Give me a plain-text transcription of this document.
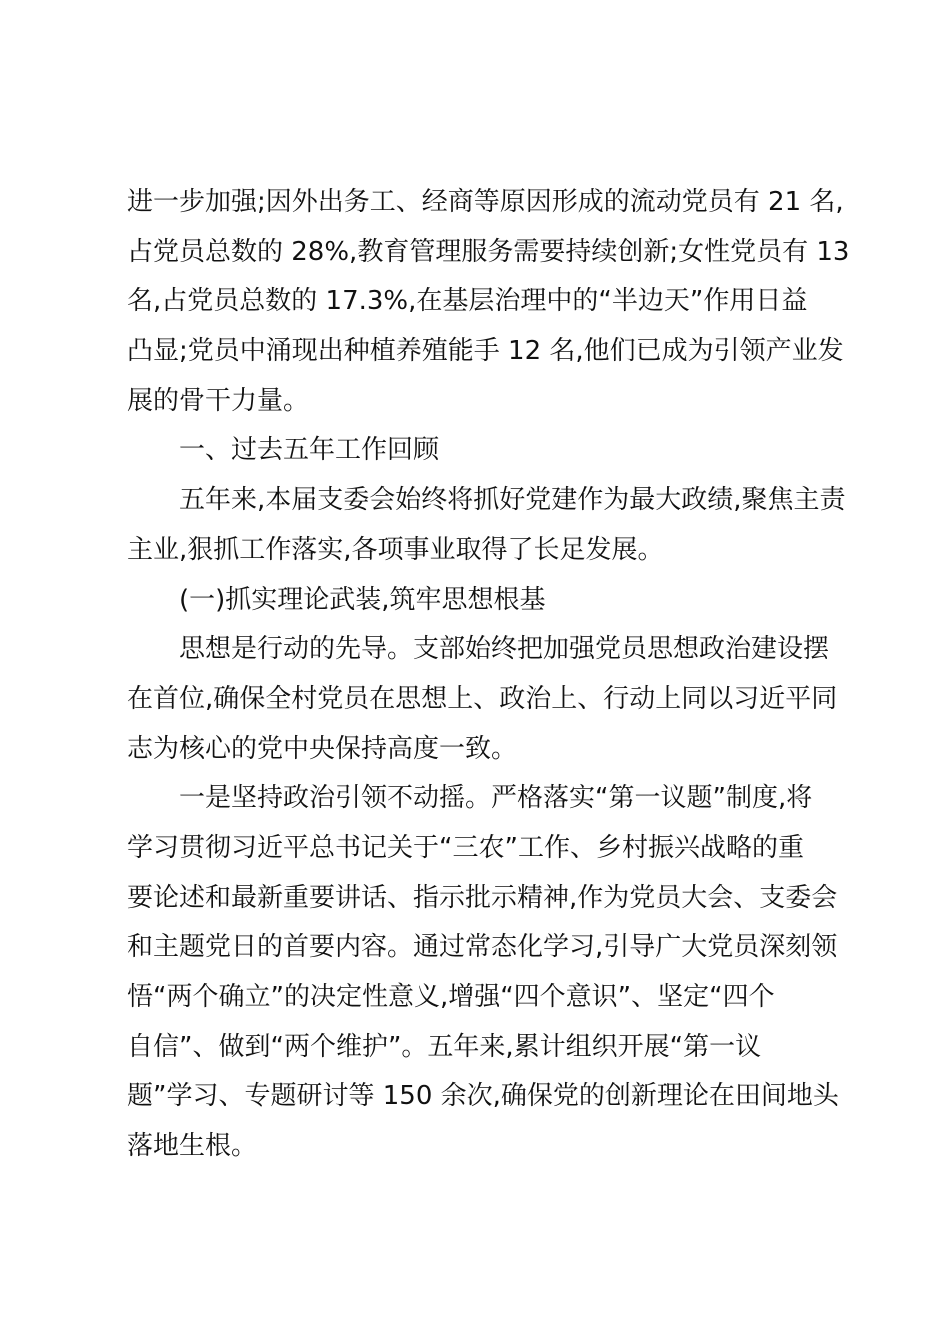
进一步加强;因外出务工、经商等原因形成的流动党员有 21 名,
占党员总数的 28%,教育管理服务需要持续创新;女性党员有 13
名,占党员总数的 17.3%,在基层治理中的“半边天”作用日益
凸显;党员中涌现出种植养殖能手 12 名,他们已成为引领产业发
展的骨干力量。
一、过去五年工作回顾
五年来,本届支委会始终将抓好党建作为最大政绩,聚焦主责
主业,狠抓工作落实,各项事业取得了长足发展。
(一)抓实理论武装,筑牢思想根基
思想是行动的先导。支部始终把加强党员思想政治建设摆
在首位,确保全村党员在思想上、政治上、行动上同以习近平同
志为核心的党中央保持高度一致。
一是坚持政治引领不动摇。严格落实“第一议题”制度,将
学习贯彻习近平总书记关于“三农”工作、乡村振兴战略的重
要论述和最新重要讲话、指示批示精神,作为党员大会、支委会
和主题党日的首要内容。通过常态化学习,引导广大党员深刻领
悟“两个确立”的决定性意义,增强“四个意识”、坚定“四个
自信”、做到“两个维护”。五年来,累计组织开展“第一议
题”学习、专题研讨等 150 余次,确保党的创新理论在田间地头
落地生根。
